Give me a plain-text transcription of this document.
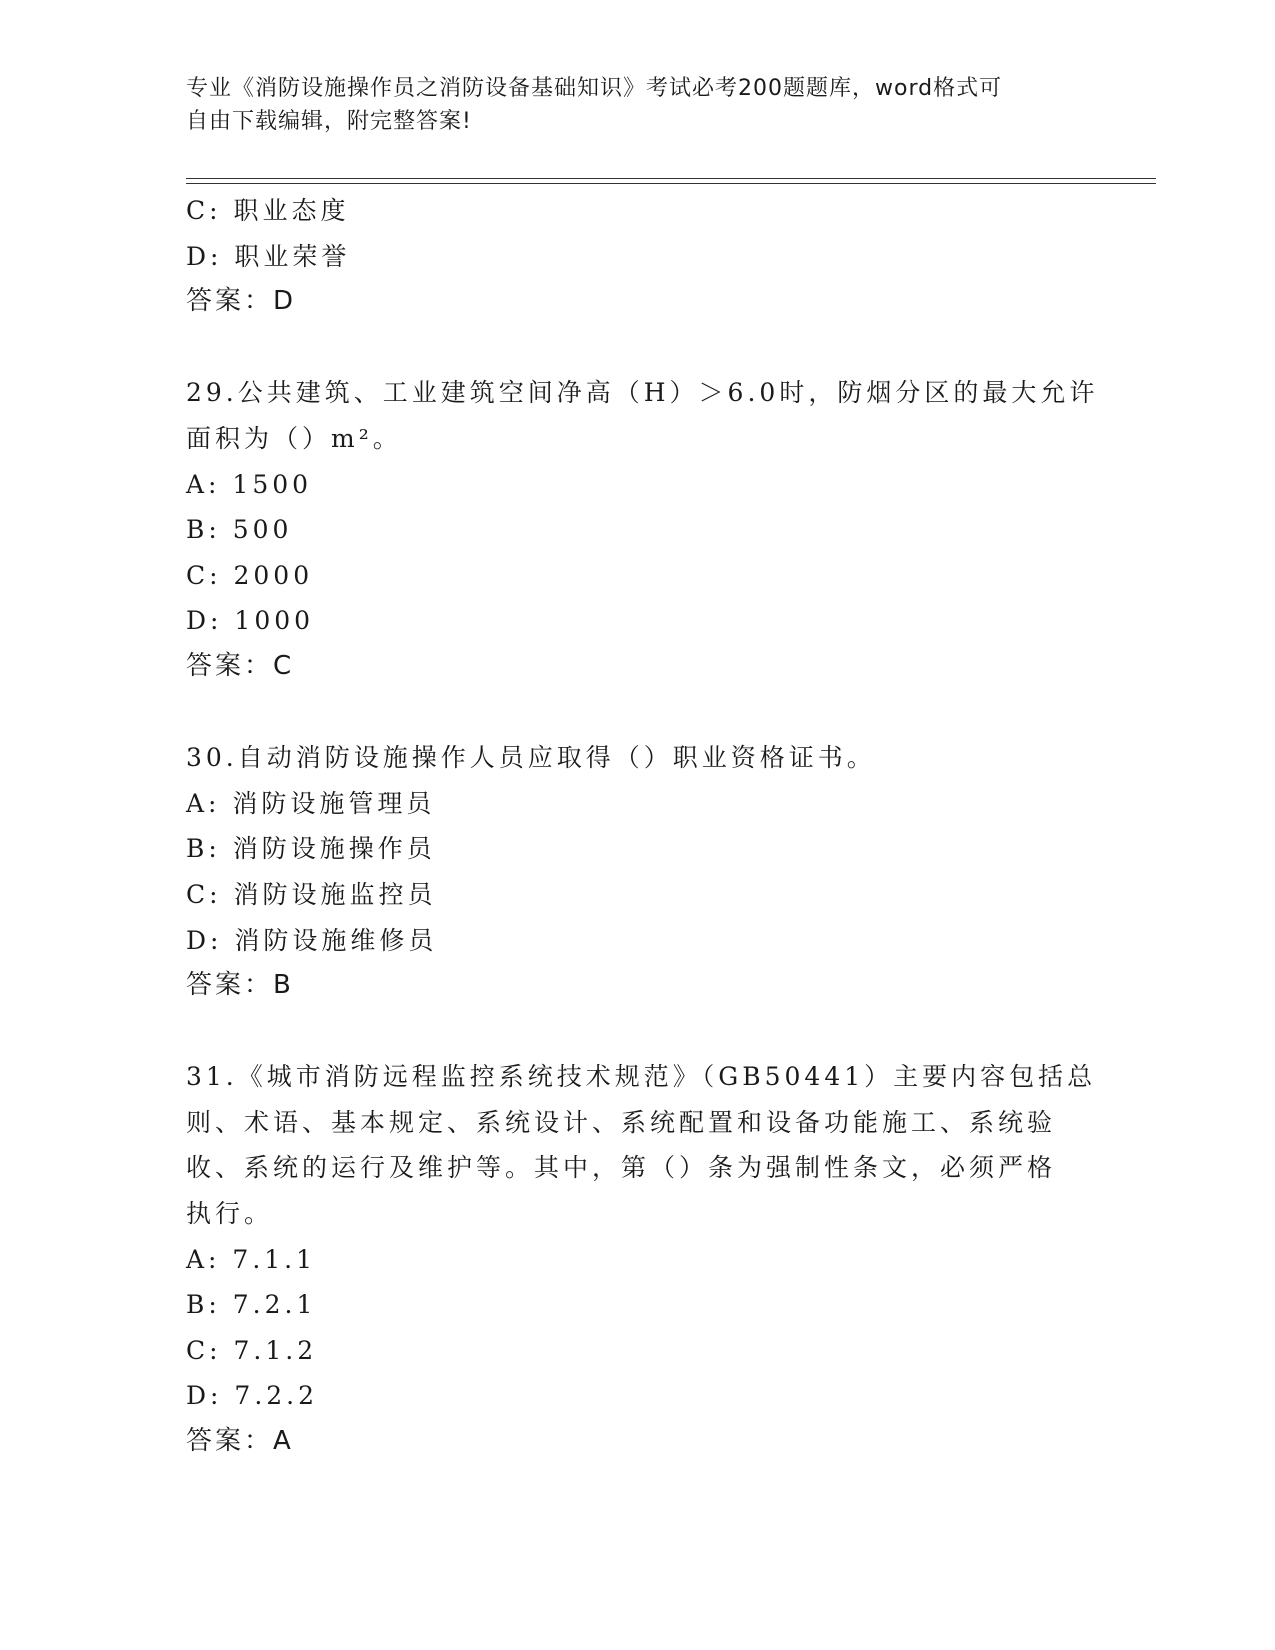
专业《消防设施操作员之消防设备基础知识》考试必考200题题库，word格式可

自由下载编辑，附完整答案!

C: 职业态度
D: 职业荣誉
答案：D
29.公共建筑、工业建筑空间净高（H）＞6.0时，防烟分区的最大允许
面积为（）m²。
A: 1500
B: 500
C: 2000
D: 1000
答案：C
30.自动消防设施操作人员应取得（）职业资格证书。
A: 消防设施管理员
B: 消防设施操作员
C: 消防设施监控员
D: 消防设施维修员
答案：B
31.《城市消防远程监控系统技术规范》（GB50441）主要内容包括总
则、术语、基本规定、系统设计、系统配置和设备功能施工、系统验
收、系统的运行及维护等。其中，第（）条为强制性条文，必须严格
执行。
A: 7.1.1
B: 7.2.1
C: 7.1.2
D: 7.2.2
答案：A
